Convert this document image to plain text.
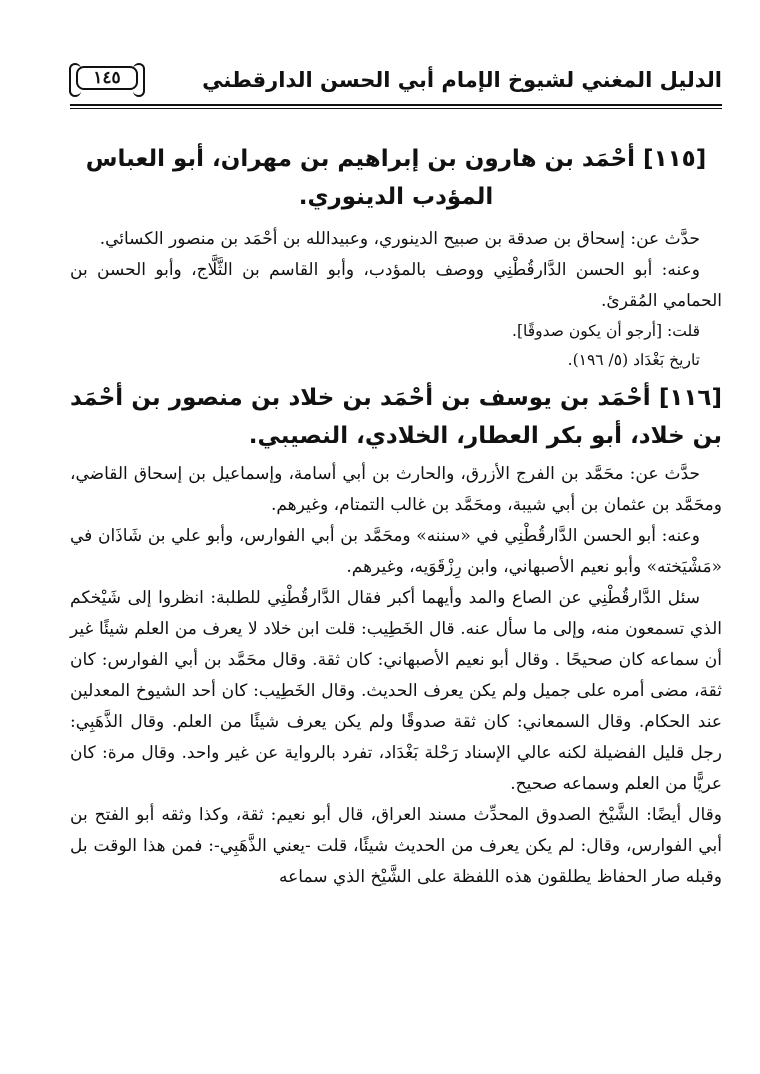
الدليل المغني لشيوخ الإمام أبي الحسن الدارقطني
١٤٥
[١١٥] أحْمَد بن هارون بن إبراهيم بن مهران، أبو العباس المؤدب الدينوري.

حدَّث عن: إسحاق بن صدقة بن صبيح الدينوري، وعبيدالله بن أحْمَد بن منصور الكسائي.

وعنه: أبو الحسن الدَّارقُطْنِي ووصف بالمؤدب، وأبو القاسم بن الثَّلَّاج، وأبو الحسن بن الحمامي المُقرئ.

قلت: [أرجو أن يكون صدوقًا].

تاريخ بَغْدَاد (٥/ ١٩٦).

[١١٦] أحْمَد بن يوسف بن أحْمَد بن خلاد بن منصور بن أحْمَد بن خلاد، أبو بكر العطار، الخلادي، النصيبي.

حدَّث عن: محَمَّد بن الفرج الأزرق، والحارث بن أبي أسامة، وإسماعيل بن إسحاق القاضي، ومحَمَّد بن عثمان بن أبي شيبة، ومحَمَّد بن غالب التمتام، وغيرهم.

وعنه: أبو الحسن الدَّارقُطْنِي في «سننه» ومحَمَّد بن أبي الفوارس، وأبو علي بن شَاذَان في «مَشْيَخته» وأبو نعيم الأصبهاني، وابن رِزْقَوَيه، وغيرهم.

سئل الدَّارقُطْنِي عن الصاع والمد وأيهما أكبر فقال الدَّارقُطْنِي للطلبة: انظروا إلى شَيْخكم الذي تسمعون منه، وإلى ما سأل عنه. قال الخَطِيب: قلت ابن خلاد لا يعرف من العلم شيئًا غير أن سماعه كان صحيحًا . وقال أبو نعيم الأصبهاني: كان ثقة. وقال محَمَّد بن أبي الفوارس: كان ثقة، مضى أمره على جميل ولم يكن يعرف الحديث. وقال الخَطِيب: كان أحد الشيوخ المعدلين عند الحكام. وقال السمعاني: كان ثقة صدوقًا ولم يكن يعرف شيئًا من العلم. وقال الذَّهَبِي: رجل قليل الفضيلة لكنه عالي الإسناد رَحْلة بَغْدَاد، تفرد بالرواية عن غير واحد. وقال مرة: كان عريًّا من العلم وسماعه صحيح.

وقال أيضًا: الشَّيْخ الصدوق المحدِّث مسند العراق، قال أبو نعيم: ثقة، وكذا وثقه أبو الفتح بن أبي الفوارس، وقال: لم يكن يعرف من الحديث شيئًا، قلت -يعني الذَّهَبِي-: فمن هذا الوقت بل وقبله صار الحفاظ يطلقون هذه اللفظة على الشَّيْخ الذي سماعه
